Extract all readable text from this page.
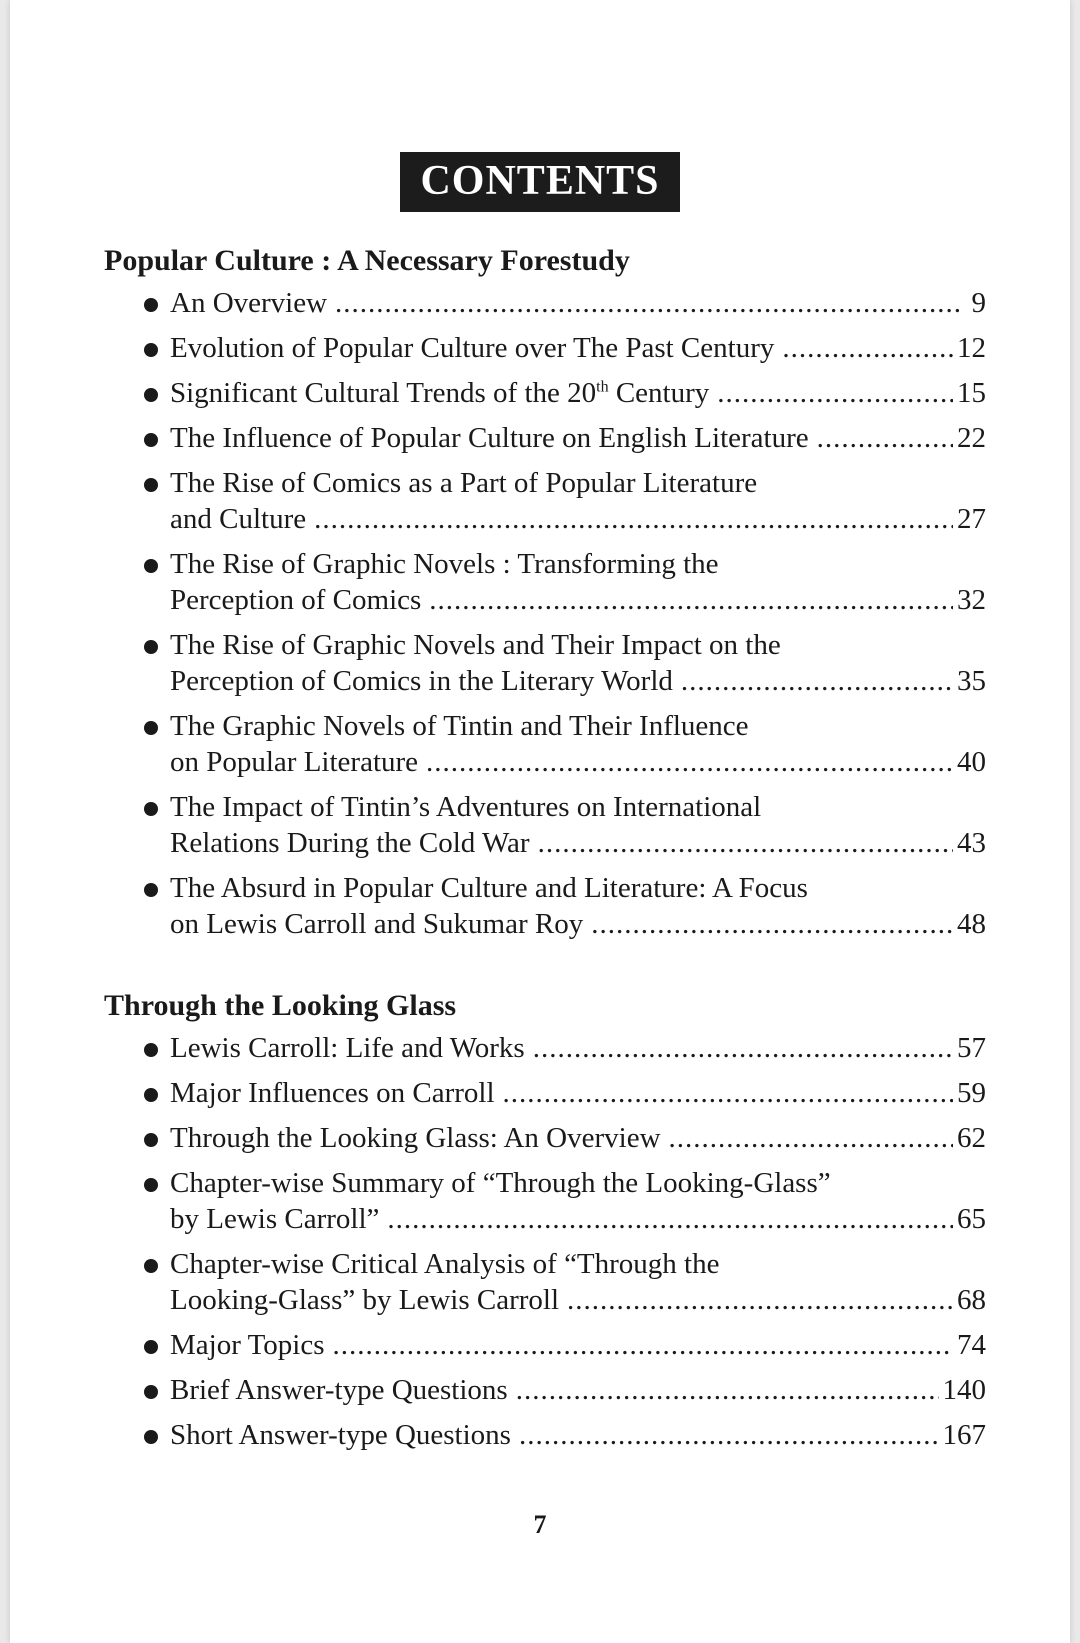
CONTENTS
Popular Culture : A Necessary Forestudy
An Overview .....	9
Evolution of Popular Culture over The Past Century .....	12
Significant Cultural Trends of the 20th Century .....	15
The Influence of Popular Culture on English Literature .....	22
The Rise of Comics as a Part of Popular Literature
and Culture .....	27
The Rise of Graphic Novels : Transforming the
Perception of Comics .....	32
The Rise of Graphic Novels and Their Impact on the
Perception of Comics in the Literary World .....	35
The Graphic Novels of Tintin and Their Influence
on Popular Literature .....	40
The Impact of Tintin’s Adventures on International
Relations During the Cold War .....	43
The Absurd in Popular Culture and Literature: A Focus
on Lewis Carroll and Sukumar Roy .....	48
Through the Looking Glass
Lewis Carroll: Life and Works .....	57
Major Influences on Carroll .....	59
Through the Looking Glass: An Overview .....	62
Chapter-wise Summary of “Through the Looking-Glass”
by Lewis Carroll” .....	65
Chapter-wise Critical Analysis of “Through the
Looking-Glass” by Lewis Carroll .....	68
Major Topics .....	74
Brief Answer-type Questions .....	140
Short Answer-type Questions .....	167
7
